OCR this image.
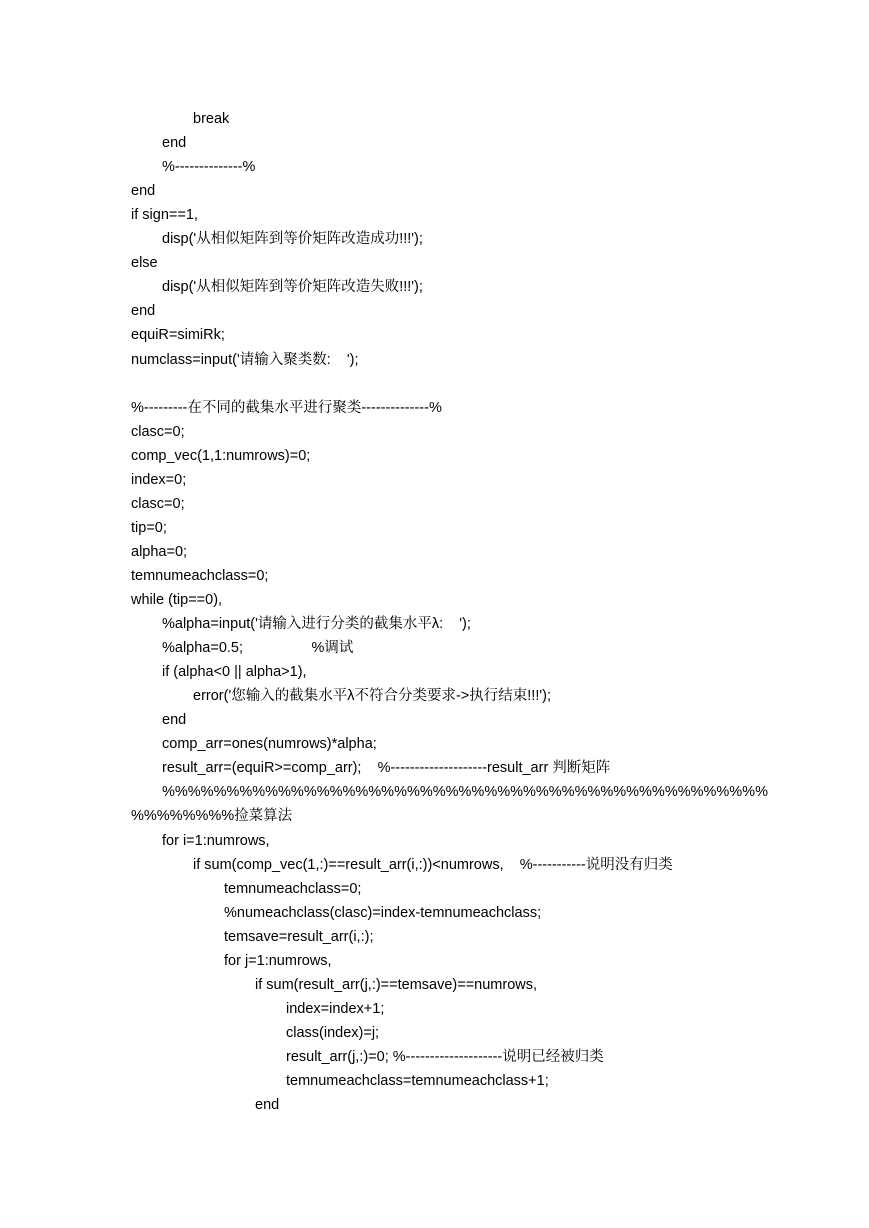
break
end
%--------------%
end
if sign==1,
disp('从相似矩阵到等价矩阵改造成功!!!');
else
disp('从相似矩阵到等价矩阵改造失败!!!');
end
equiR=simiRk;
numclass=input('请输入聚类数:    ');
%---------在不同的截集水平进行聚类--------------%
clasc=0;
comp_vec(1,1:numrows)=0;
index=0;
clasc=0;
tip=0;
alpha=0;
temnumeachclass=0;
while (tip==0),
%alpha=input('请输入进行分类的截集水平λ:    ');
%alpha=0.5;                 %调试
if (alpha<0 || alpha>1),
error('您输入的截集水平λ不符合分类要求->执行结束!!!');
end
comp_arr=ones(numrows)*alpha;
result_arr=(equiR>=comp_arr);    %--------------------result_arr 判断矩阵
%%%%%%%%%%%%%%%%%%%%%%%%%%%%%%%%%%%%%%%%%%%%%%%
%%%%%%%%捡菜算法
for i=1:numrows,
if sum(comp_vec(1,:)==result_arr(i,:))<numrows,    %-----------说明没有归类
temnumeachclass=0;
%numeachclass(clasc)=index-temnumeachclass;
temsave=result_arr(i,:);
for j=1:numrows,
if sum(result_arr(j,:)==temsave)==numrows,
index=index+1;
class(index)=j;
result_arr(j,:)=0; %--------------------说明已经被归类
temnumeachclass=temnumeachclass+1;
end
